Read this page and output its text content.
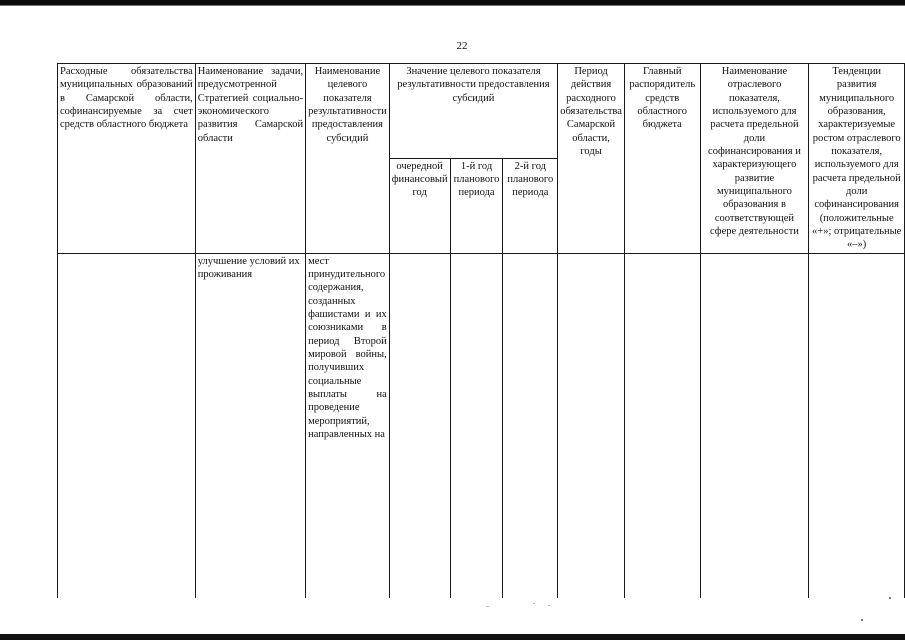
22
Расходные обязательства муниципальных образований в Самарской области, софинансируемые за счет средств областного бюджета	Наименование задачи, предусмотренной Стратегией социально-экономического развития Самарской области	Наименование целевого показателя результативности предоставления субсидий	Значение целевого показателя результативности предоставления субсидий			Период действия расходного обязательства Самарской области, годы	Главный распорядитель средств областного бюджета	Наименование отраслевого показателя, используемого для расчета предельной доли софинансирования и характеризующего развитие муниципального образования в соответствующей сфере деятельности	Тенденции развития муниципального образования, характеризуемые ростом отраслевого показателя, используемого для расчета предельной доли софинансирования (положительные «+»; отрицательные «–»)
			очередной финансовый год	1-й год планового периода	2-й год планового периода				
	улучшение условий их проживания	мест принудительного содержания, созданных фашистами и их союзниками в период Второй мировой войны, получивших социальные выплаты на проведение мероприятий, направленных на							
